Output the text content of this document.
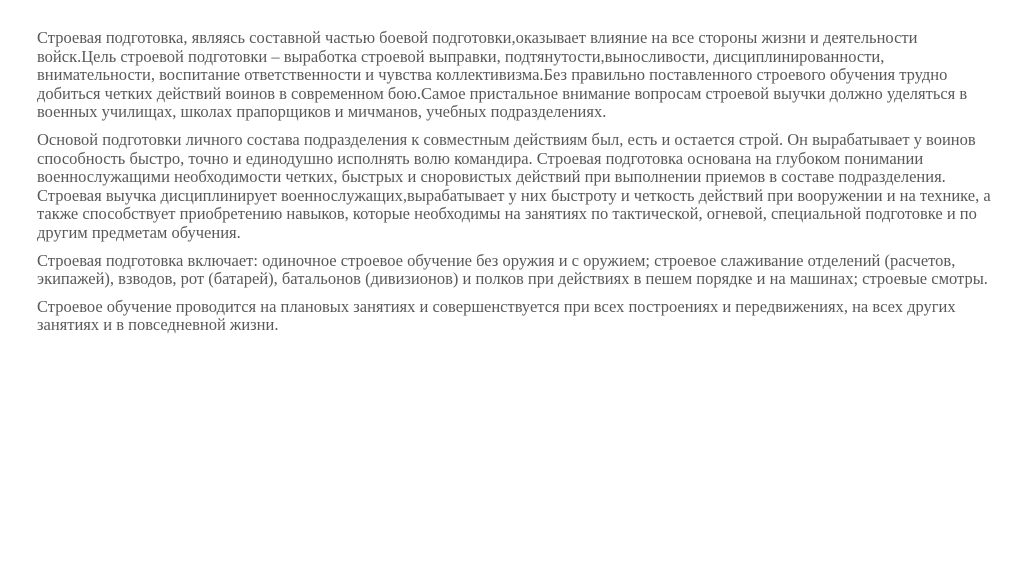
Строевая подготовка, являясь составной частью боевой подготовки,оказывает влияние на все стороны жизни и деятельности войск.Цель строевой подготовки – выработка строевой выправки, подтянутости,выносливости, дисциплинированности, внимательности, воспитание ответственности и чувства коллективизма.Без правильно поставленного строевого обучения трудно добиться четких действий воинов в современном бою.Самое пристальное внимание вопросам строевой выучки должно уделяться в военных училищах, школах прапорщиков и мичманов, учебных подразделениях.

Основой подготовки личного состава подразделения к совместным действиям был, есть и остается строй. Он вырабатывает у воинов способность быстро, точно и единодушно исполнять волю командира. Строевая подготовка основана на глубоком понимании военнослужащими необходимости четких, быстрых и сноровистых действий при выполнении приемов в составе подразделения. Строевая выучка дисциплинирует военнослужащих,вырабатывает у них быстроту и четкость действий при вооружении и на технике, а также способствует приобретению навыков, которые необходимы на занятиях по тактической, огневой, специальной подготовке и по другим предметам обучения.

Строевая подготовка включает: одиночное строевое обучение без оружия и с оружием; строевое слаживание отделений (расчетов, экипажей), взводов, рот (батарей), батальонов (дивизионов) и полков при действиях в пешем порядке и на машинах; строевые смотры.

Строевое обучение проводится на плановых занятиях и совершенствуется при всех построениях и передвижениях, на всех других занятиях и в повседневной жизни.
